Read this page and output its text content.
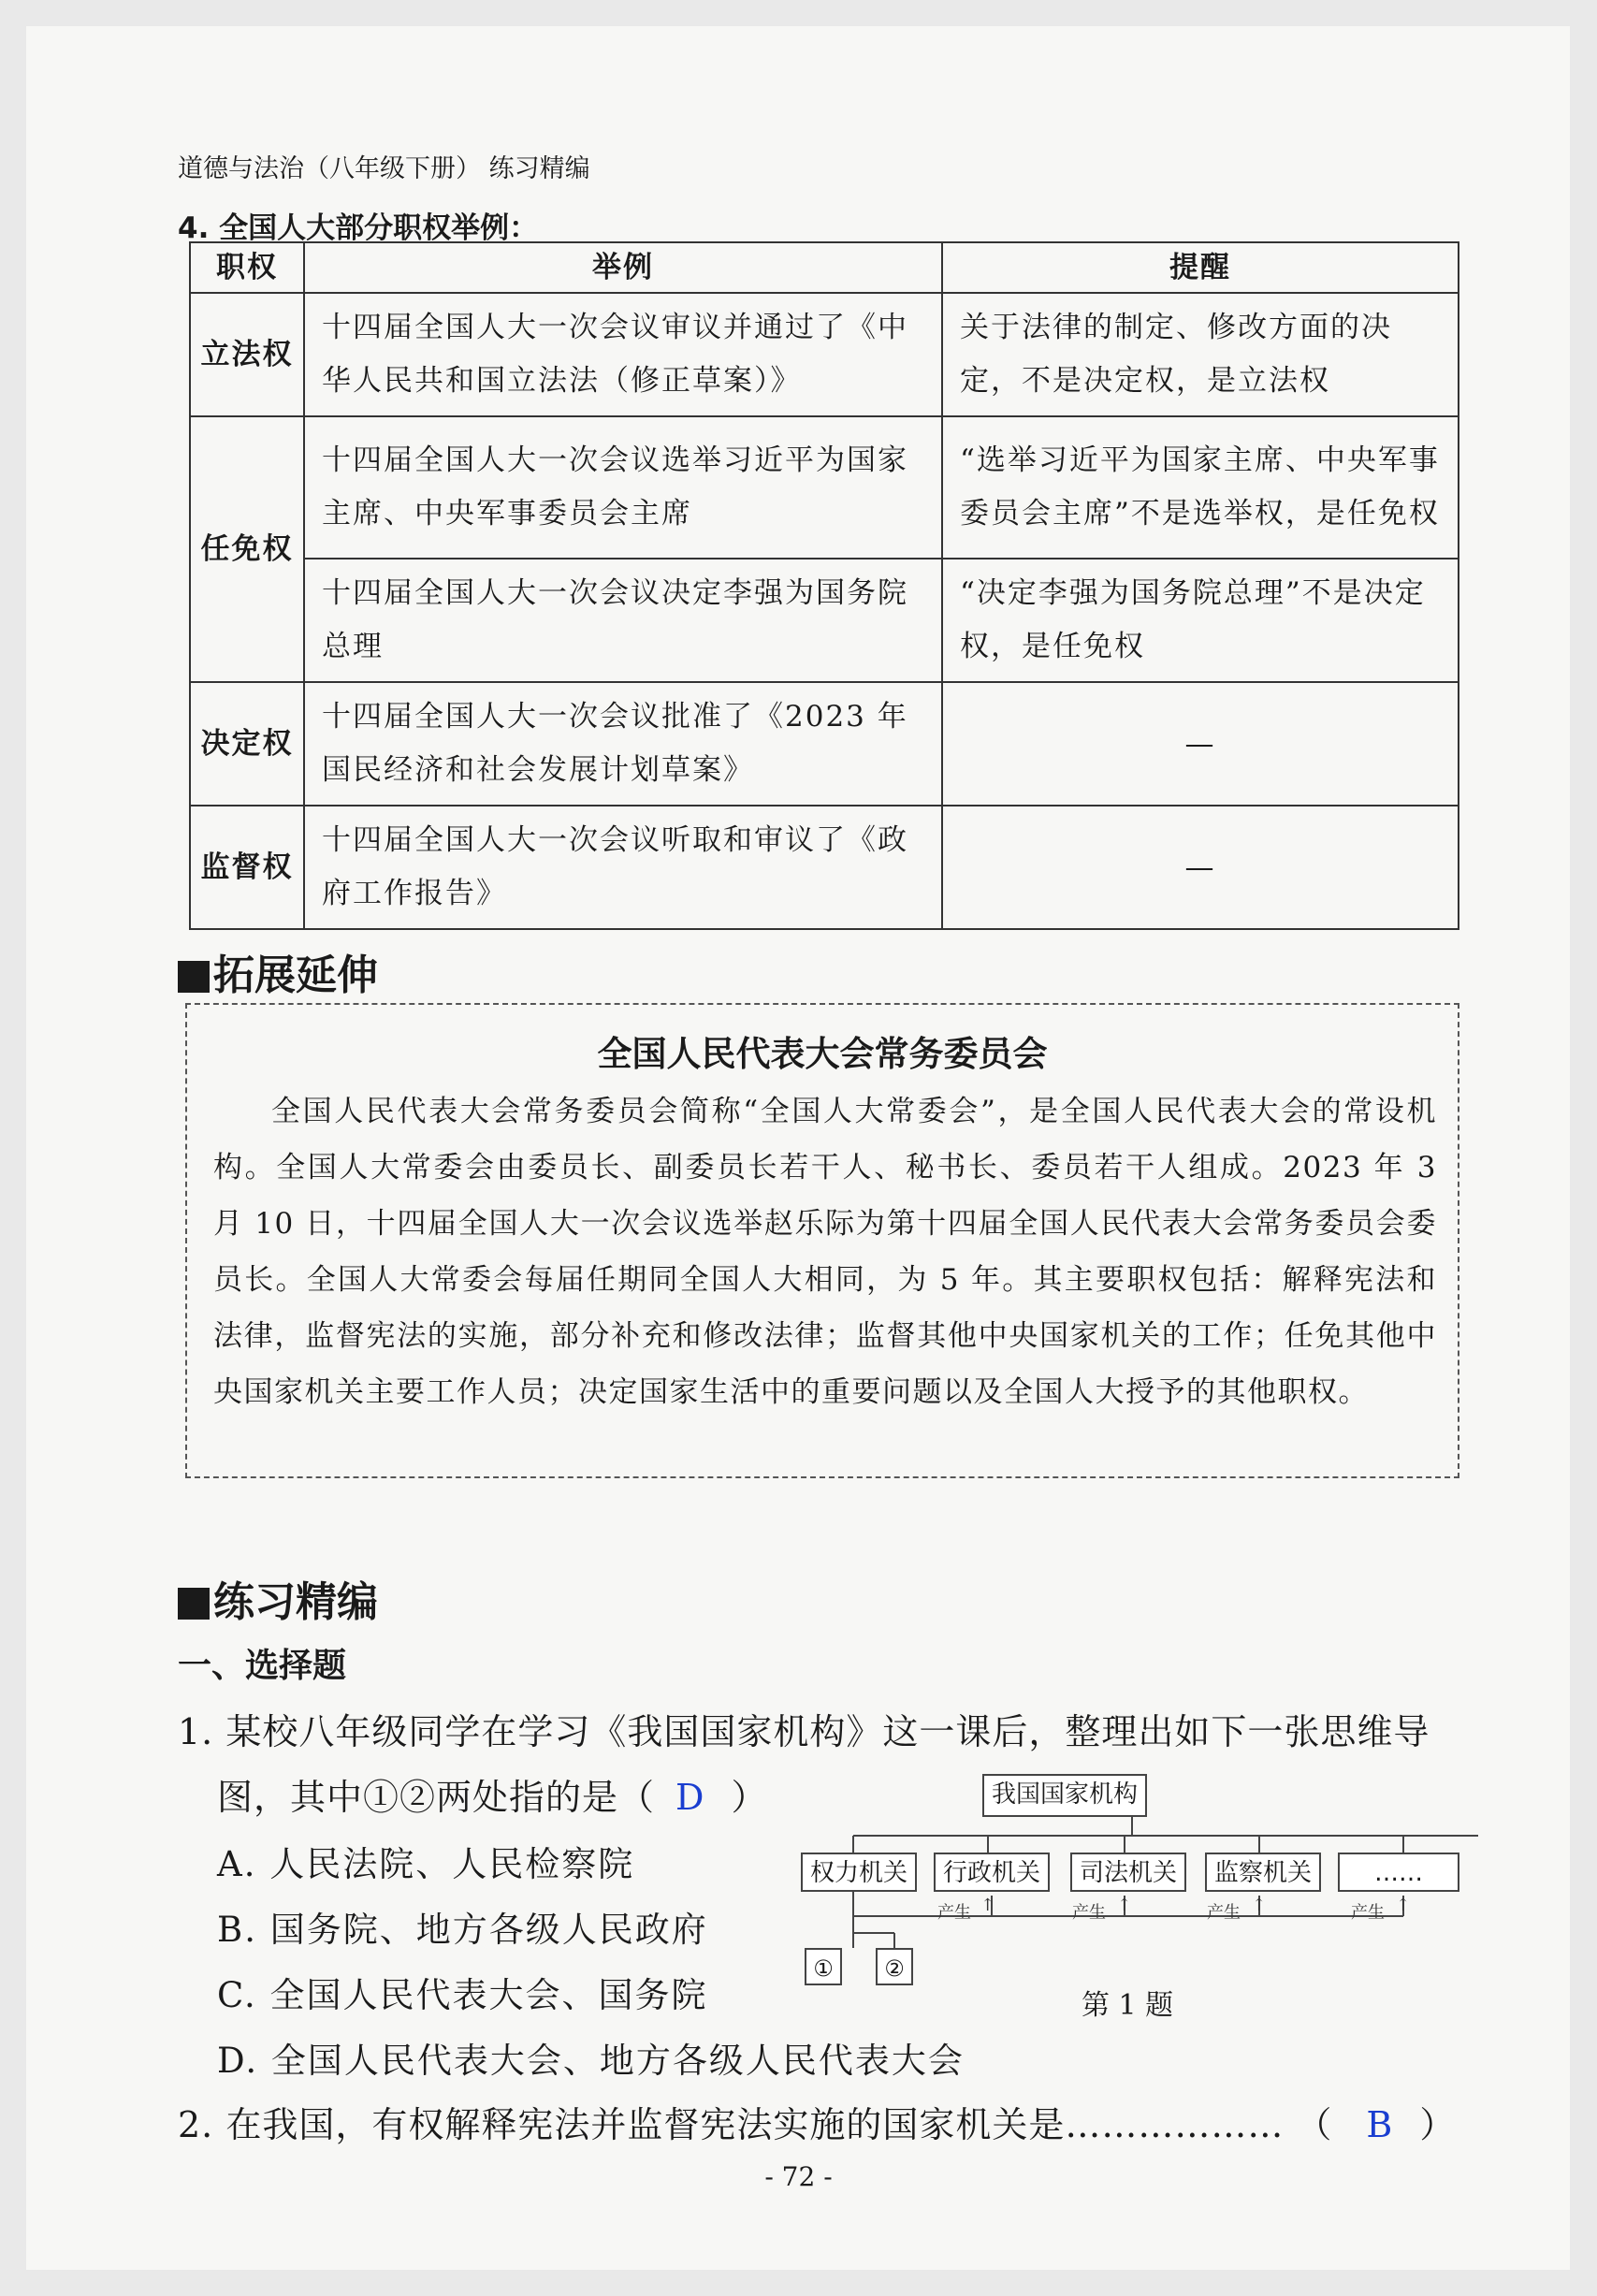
道德与法治（八年级下册） 练习精编
4. 全国人大部分职权举例：
职权	举例	提醒
立法权	十四届全国人大一次会议审议并通过了《中华人民共和国立法法（修正草案）》	关于法律的制定、修改方面的决定，不是决定权，是立法权
任免权	十四届全国人大一次会议选举习近平为国家主席、中央军事委员会主席	“选举习近平为国家主席、中央军事委员会主席”不是选举权，是任免权
	十四届全国人大一次会议决定李强为国务院总理	“决定李强为国务院总理”不是决定权，是任免权
决定权	十四届全国人大一次会议批准了《2023 年国民经济和社会发展计划草案》	—
监督权	十四届全国人大一次会议听取和审议了《政府工作报告》	—
拓展延伸
全国人民代表大会常务委员会
全国人民代表大会常务委员会简称“全国人大常委会”，是全国人民代表大会的常设机构。全国人大常委会由委员长、副委员长若干人、秘书长、委员若干人组成。2023 年 3 月 10 日，十四届全国人大一次会议选举赵乐际为第十四届全国人民代表大会常务委员会委员长。全国人大常委会每届任期同全国人大相同，为 5 年。其主要职权包括：解释宪法和法律，监督宪法的实施，部分补充和修改法律；监督其他中央国家机关的工作；任免其他中央国家机关主要工作人员；决定国家生活中的重要问题以及全国人大授予的其他职权。
练习精编
一、选择题
1. 某校八年级同学在学习《我国国家机构》这一课后，整理出如下一张思维导
图，其中①②两处指的是（ D ）
A. 人民法院、人民检察院
B. 国务院、地方各级人民政府
C. 全国人民代表大会、国务院
D. 全国人民代表大会、地方各级人民代表大会
我国国家机构
权力机关	行政机关	司法机关	监察机关	……
产生 ↑	产生 ↑	产生 ↑	产生 ↑
①	②
第 1 题
2. 在我国，有权解释宪法并监督宪法实施的国家机关是……………… （ B ）
- 72 -
